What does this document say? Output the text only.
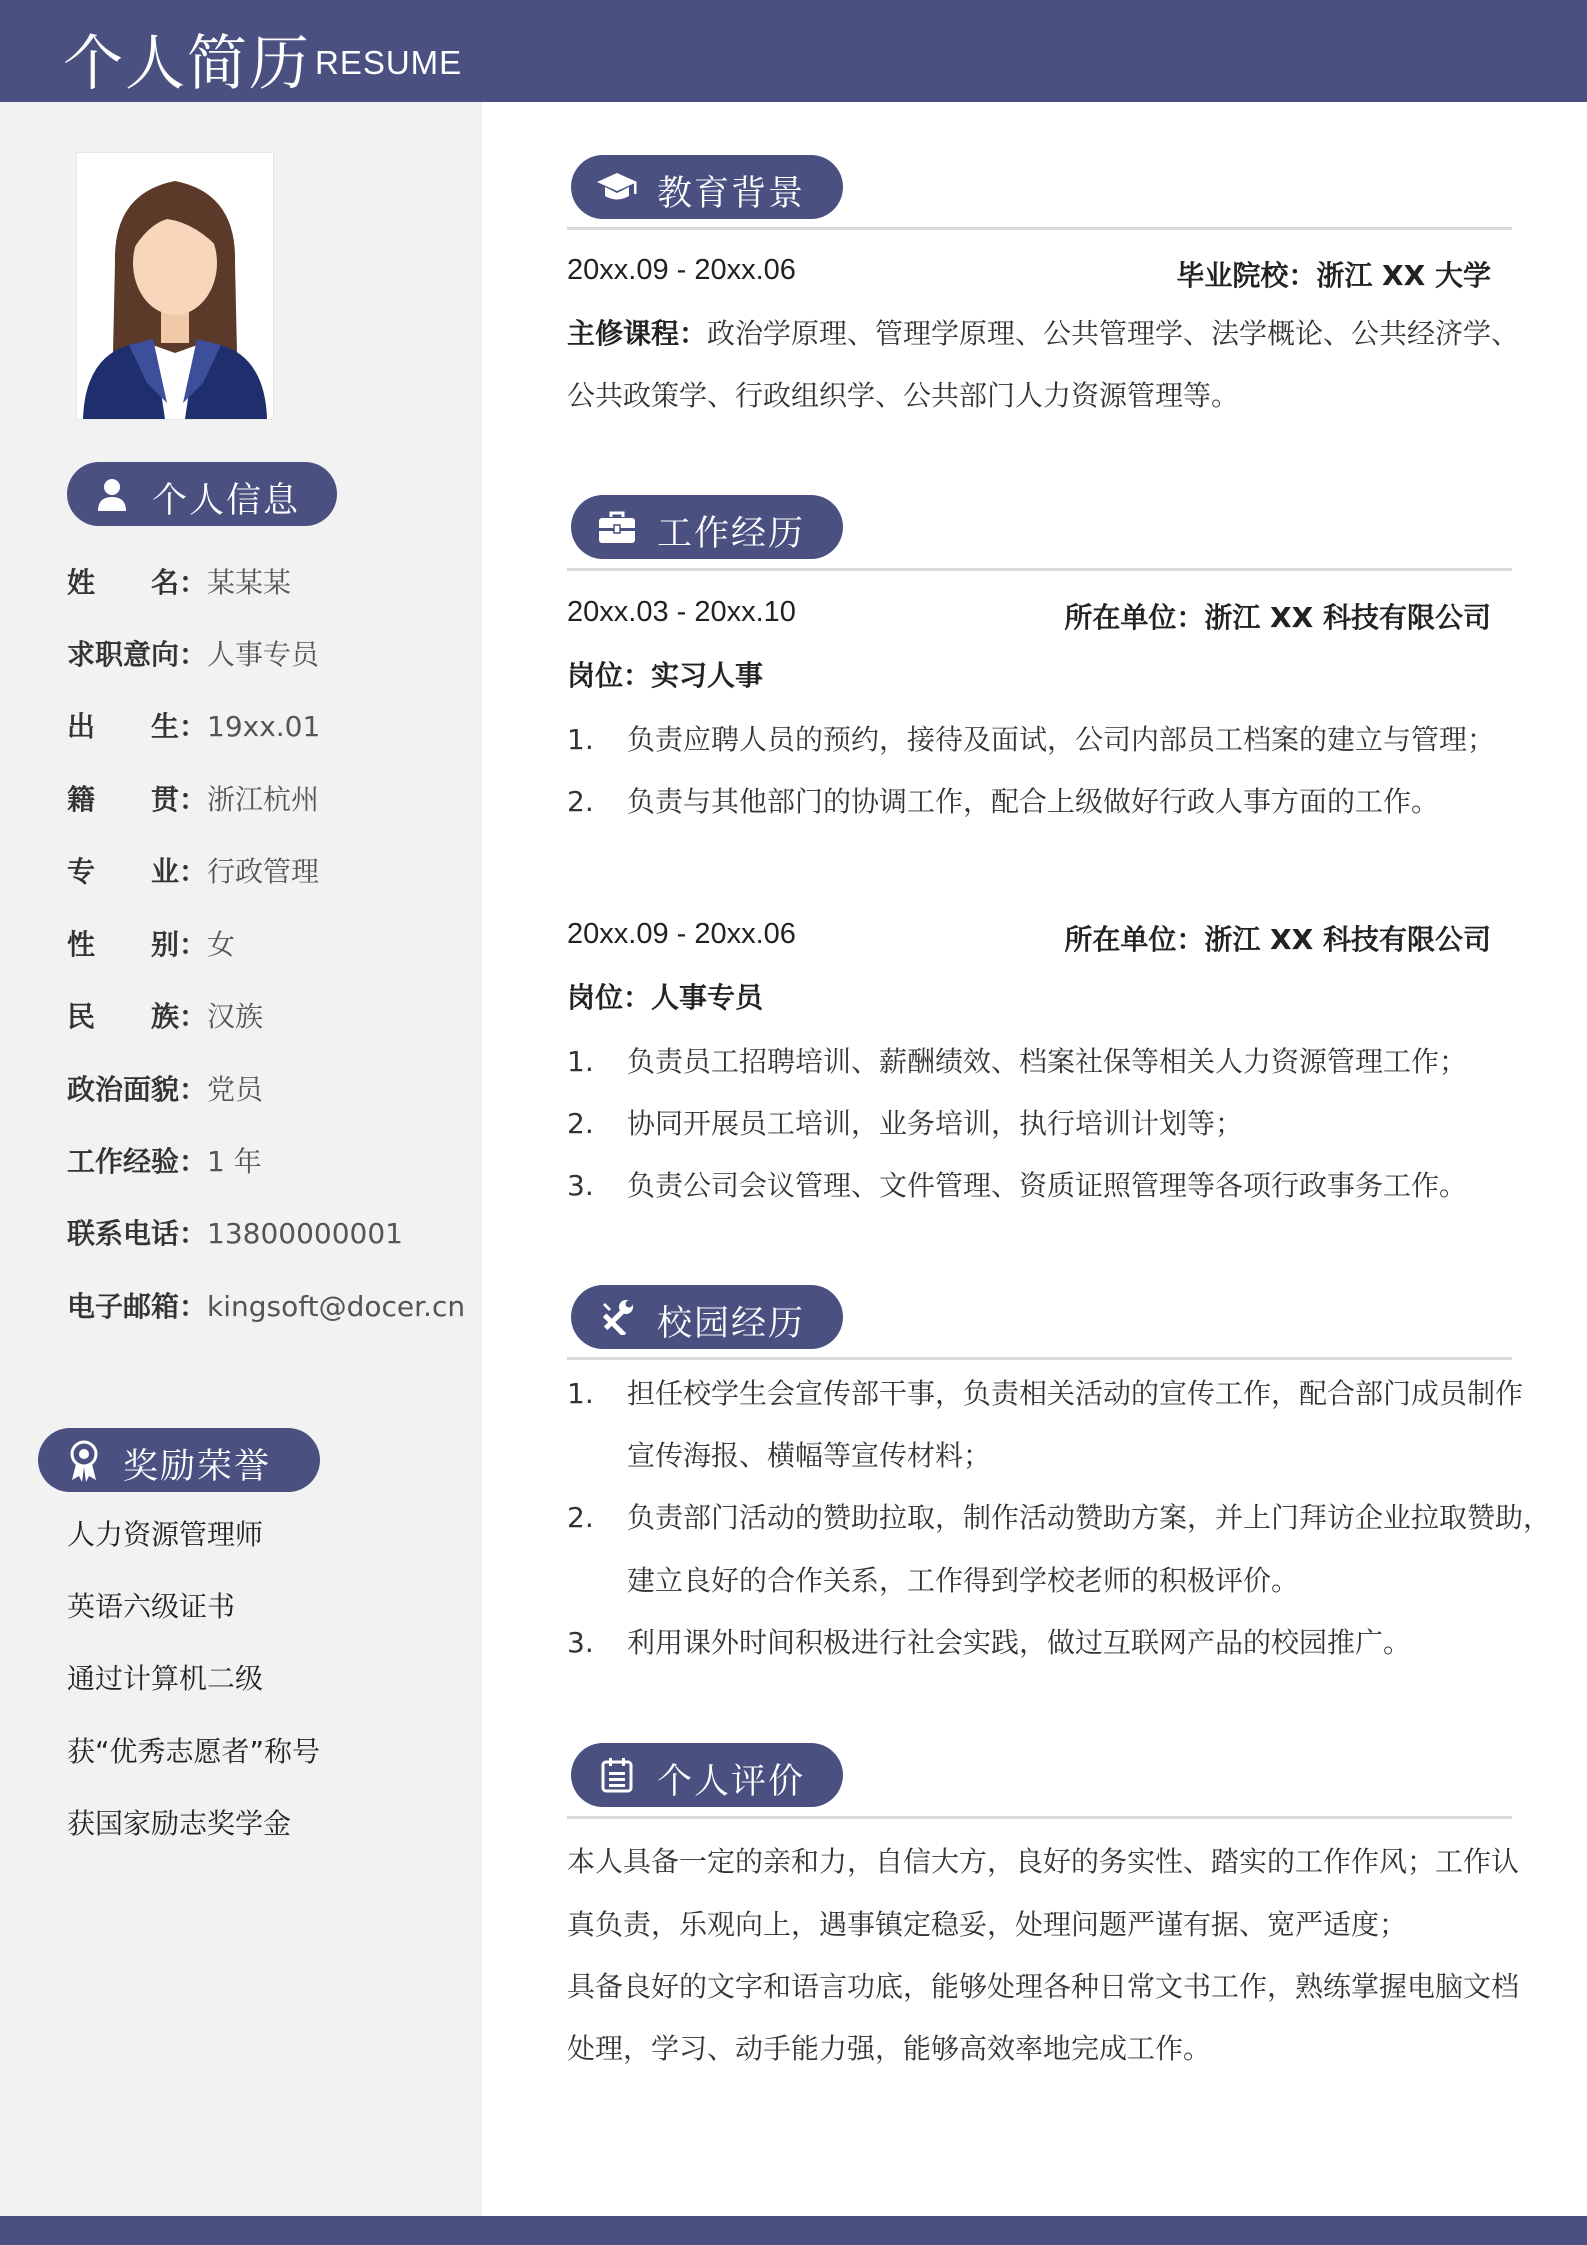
个人简历 RESUME
个人信息
姓 名：某某某
求职意向：人事专员
出 生：19xx.01
籍 贯：浙江杭州
专 业：行政管理
性 别：女
民 族：汉族
政治面貌：党员
工作经验：1 年
联系电话：13800000001
电子邮箱：kingsoft@docer.cn
奖励荣誉
人力资源管理师
英语六级证书
通过计算机二级
获“优秀志愿者”称号
获国家励志奖学金
教育背景
20xx.09 - 20xx.06	毕业院校：浙江 XX 大学
主修课程：政治学原理、管理学原理、公共管理学、法学概论、公共经济学、
公共政策学、行政组织学、公共部门人力资源管理等。
工作经历
20xx.03 - 20xx.10	所在单位：浙江 XX 科技有限公司
岗位：实习人事
1. 负责应聘人员的预约，接待及面试，公司内部员工档案的建立与管理；
2. 负责与其他部门的协调工作，配合上级做好行政人事方面的工作。
20xx.09 - 20xx.06	所在单位：浙江 XX 科技有限公司
岗位：人事专员
1. 负责员工招聘培训、薪酬绩效、档案社保等相关人力资源管理工作；
2. 协同开展员工培训，业务培训，执行培训计划等；
3. 负责公司会议管理、文件管理、资质证照管理等各项行政事务工作。
校园经历
1. 担任校学生会宣传部干事，负责相关活动的宣传工作，配合部门成员制作
宣传海报、横幅等宣传材料；
2. 负责部门活动的赞助拉取，制作活动赞助方案，并上门拜访企业拉取赞助，
建立良好的合作关系，工作得到学校老师的积极评价。
3. 利用课外时间积极进行社会实践，做过互联网产品的校园推广。
个人评价
本人具备一定的亲和力，自信大方，良好的务实性、踏实的工作作风；工作认
真负责，乐观向上，遇事镇定稳妥，处理问题严谨有据、宽严适度；
具备良好的文字和语言功底，能够处理各种日常文书工作，熟练掌握电脑文档
处理，学习、动手能力强，能够高效率地完成工作。
